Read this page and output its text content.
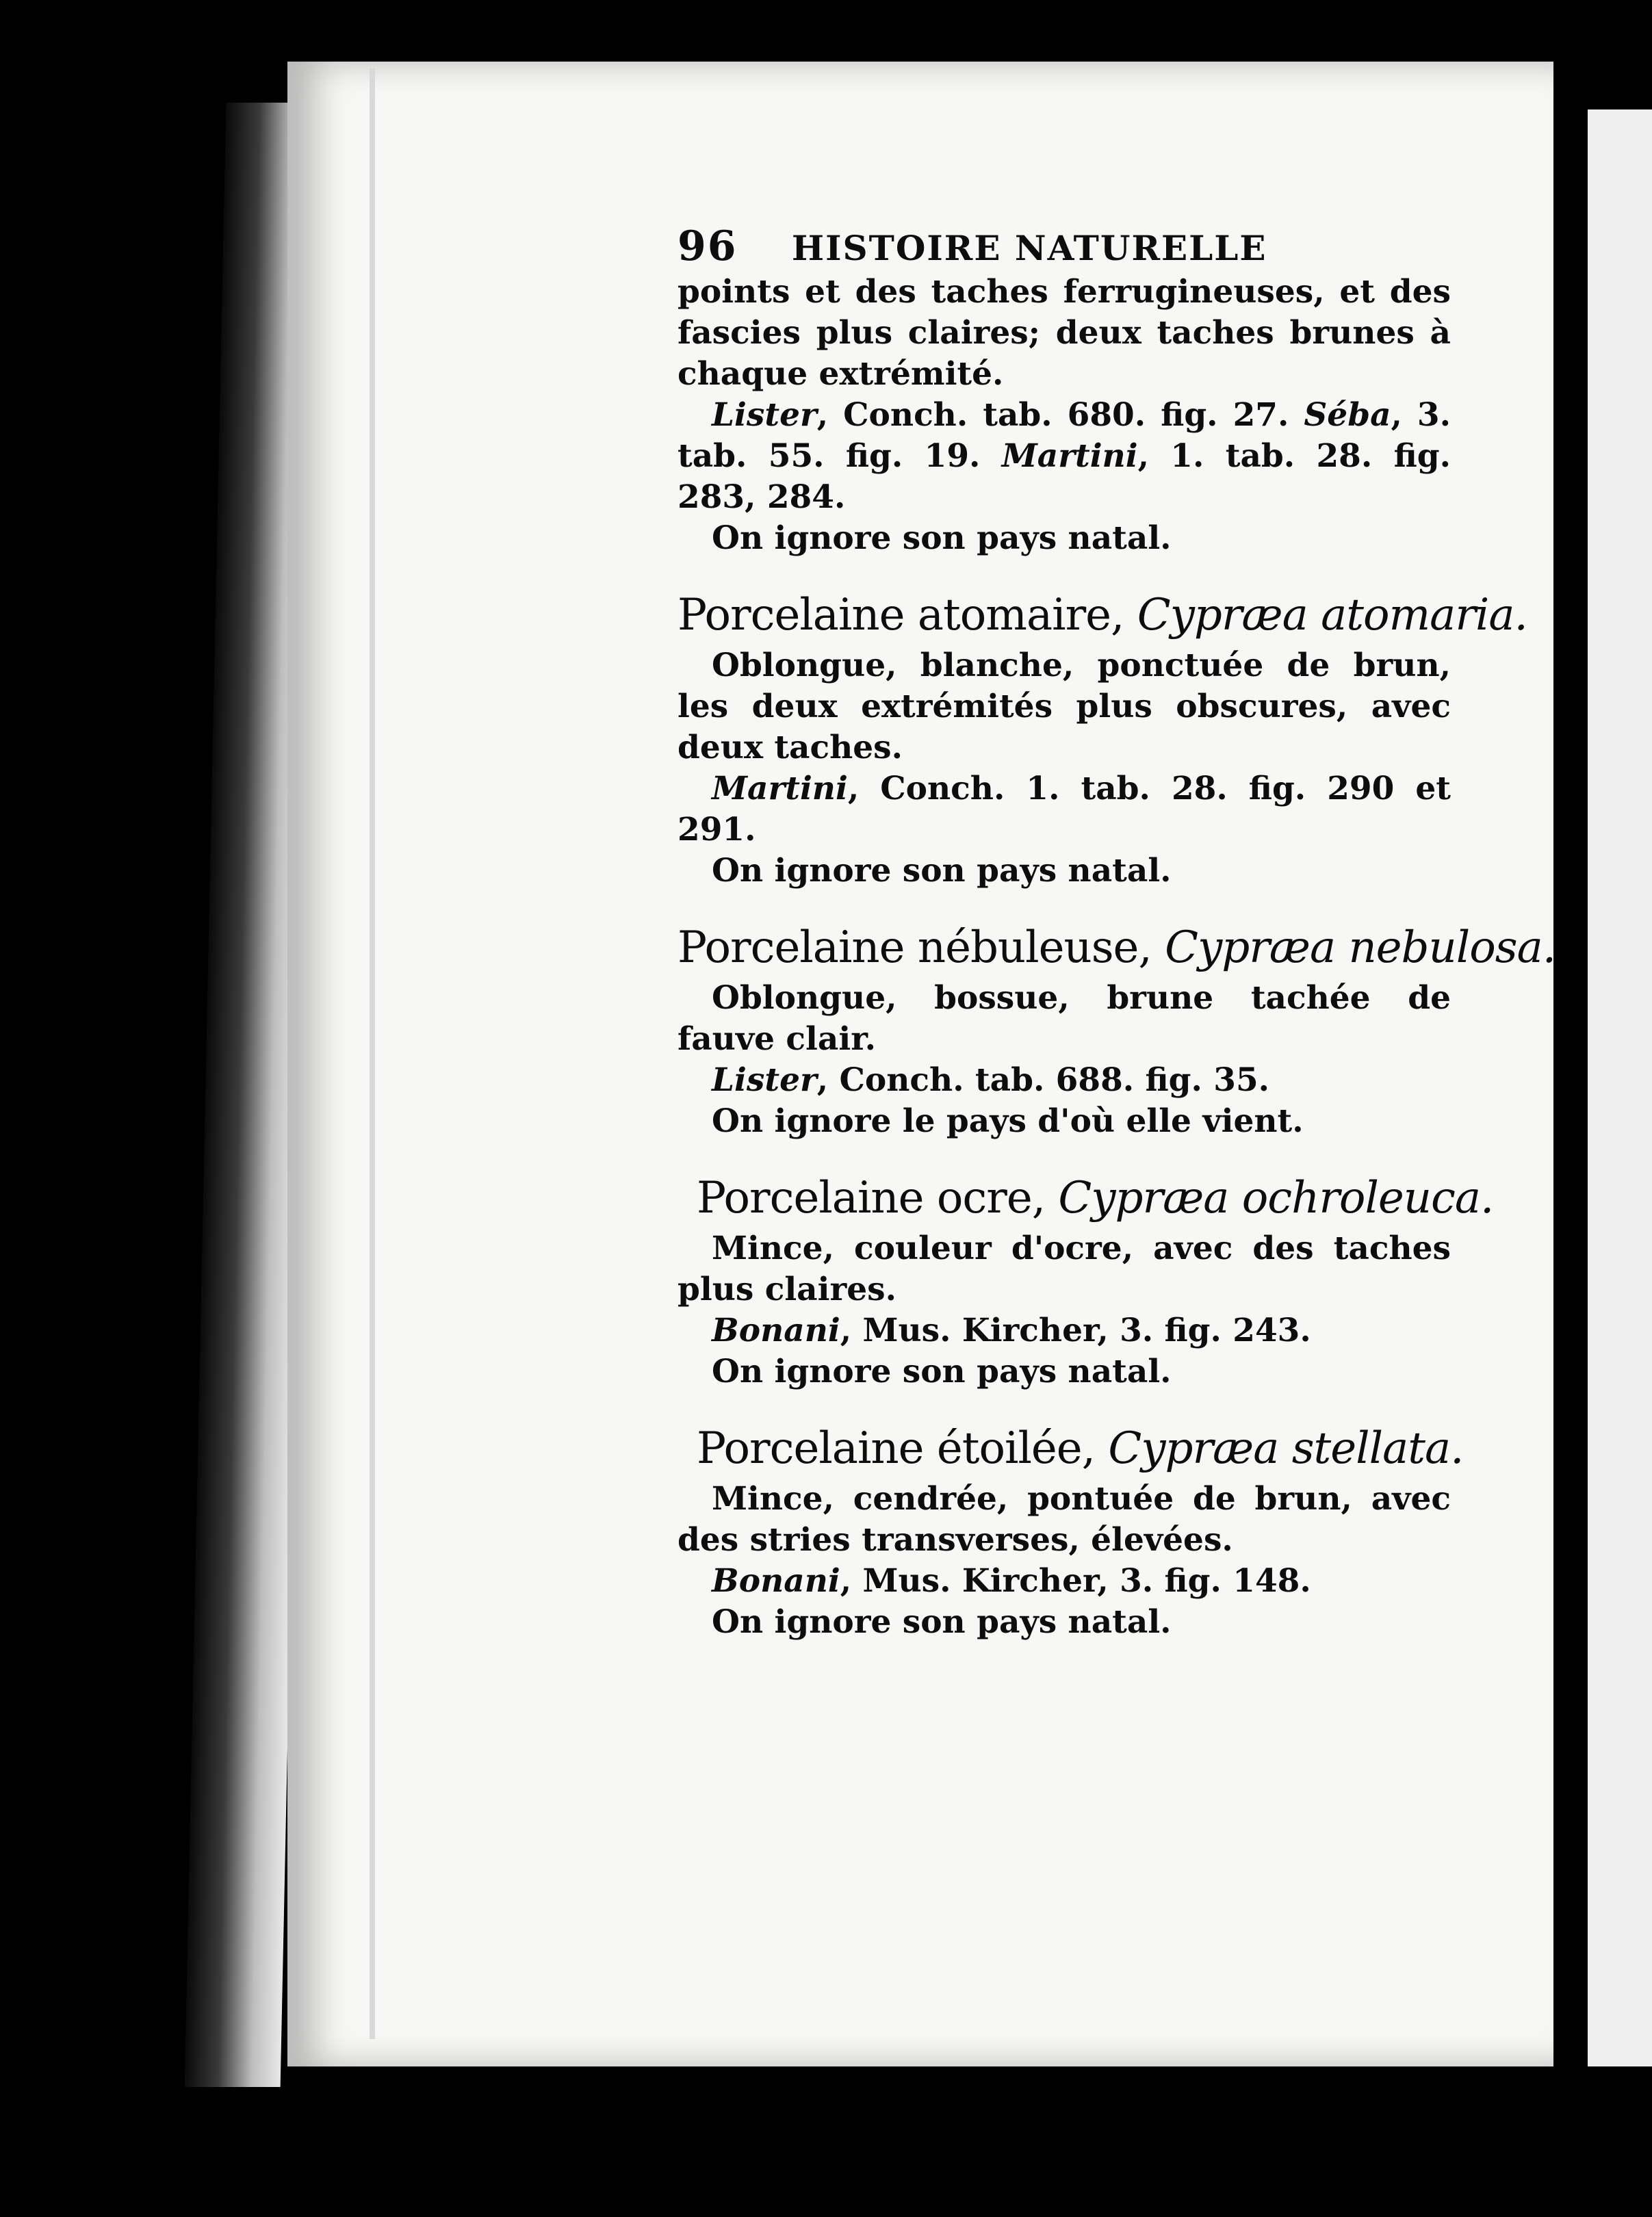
96 HISTOIRE NATURELLE

points et des taches ferrugineuses, et des fascies plus claires; deux taches brunes à chaque extrémité.

Lister, Conch. tab. 680. fig. 27. Séba, 3. tab. 55. fig. 19. Martini, 1. tab. 28. fig. 283, 284.

On ignore son pays natal.

Porcelaine atomaire, Cypræa atomaria.

Oblongue, blanche, ponctuée de brun, les deux extrémités plus obscures, avec deux taches.

Martini, Conch. 1. tab. 28. fig. 290 et 291.

On ignore son pays natal.

Porcelaine nébuleuse, Cypræa nebulosa.

Oblongue, bossue, brune tachée de fauve clair.

Lister, Conch. tab. 688. fig. 35.

On ignore le pays d'où elle vient.

Porcelaine ocre, Cypræa ochroleuca.

Mince, couleur d'ocre, avec des taches plus claires.

Bonani, Mus. Kircher, 3. fig. 243.

On ignore son pays natal.

Porcelaine étoilée, Cypræa stellata.

Mince, cendrée, pontuée de brun, avec des stries transverses, élevées.

Bonani, Mus. Kircher, 3. fig. 148.

On ignore son pays natal.
